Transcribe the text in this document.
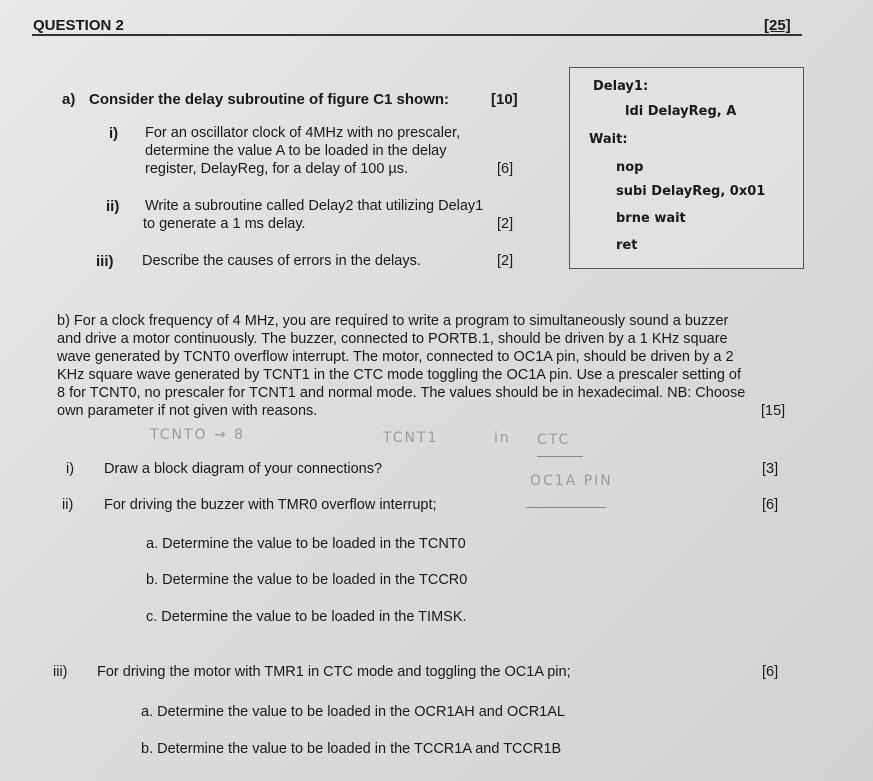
QUESTION 2	[25]
a) Consider the delay subroutine of figure C1 shown:	[10]
i) For an oscillator clock of 4MHz with no prescaler,
determine the value A to be loaded in the delay
register, DelayReg, for a delay of 100 µs.	[6]
ii) Write a subroutine called Delay2 that utilizing Delay1
to generate a 1 ms delay.	[2]
iii) Describe the causes of errors in the delays.	[2]
Delay1:
ldi DelayReg, A
Wait:
nop
subi DelayReg, 0x01
brne wait
ret
b) For a clock frequency of 4 MHz, you are required to write a program to simultaneously sound a buzzer
and drive a motor continuously. The buzzer, connected to PORTB.1, should be driven by a 1 KHz square
wave generated by TCNT0 overflow interrupt. The motor, connected to OC1A pin, should be driven by a 2
KHz square wave generated by TCNT1 in the CTC mode toggling the OC1A pin. Use a prescaler setting of
8 for TCNT0, no prescaler for TCNT1 and normal mode. The values should be in hexadecimal. NB: Choose
own parameter if not given with reasons.	[15]
TCNTO → 8	TCNT1	in CTC
OC1A PIN
i) Draw a block diagram of your connections?	[3]
ii) For driving the buzzer with TMR0 overflow interrupt;	[6]
a. Determine the value to be loaded in the TCNT0
b. Determine the value to be loaded in the TCCR0
c. Determine the value to be loaded in the TIMSK.
iii) For driving the motor with TMR1 in CTC mode and toggling the OC1A pin;	[6]
a. Determine the value to be loaded in the OCR1AH and OCR1AL
b. Determine the value to be loaded in the TCCR1A and TCCR1B
